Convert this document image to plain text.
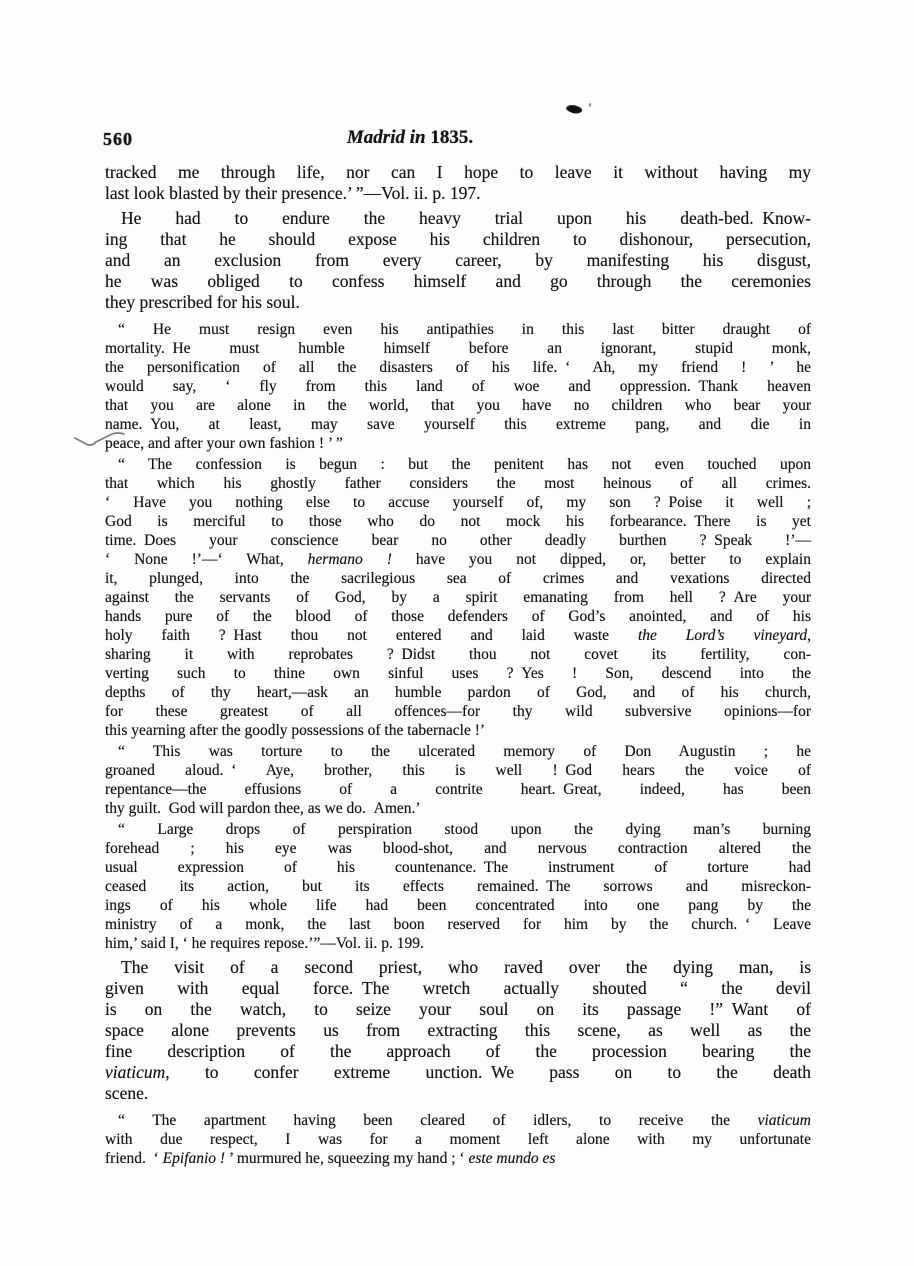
560	Madrid in 1835.
tracked me through life, nor can I hope to leave it without having my
last look blasted by their presence.’ ”—Vol. ii. p. 197.
He had to endure the heavy trial upon his death-bed. Know-
ing that he should expose his children to dishonour, persecution,
and an exclusion from every career, by manifesting his disgust,
he was obliged to confess himself and go through the ceremonies
they prescribed for his soul.
“ He must resign even his antipathies in this last bitter draught of
mortality. He must humble himself before an ignorant, stupid monk,
the personification of all the disasters of his life. ‘ Ah, my friend ! ’ he
would say, ‘ fly from this land of woe and oppression. Thank heaven
that you are alone in the world, that you have no children who bear your
name. You, at least, may save yourself this extreme pang, and die in
peace, and after your own fashion ! ’ ”
“ The confession is begun : but the penitent has not even touched upon
that which his ghostly father considers the most heinous of all crimes.
‘ Have you nothing else to accuse yourself of, my son ? Poise it well ;
God is merciful to those who do not mock his forbearance. There is yet
time. Does your conscience bear no other deadly burthen ? Speak !’—
‘ None !’—‘ What, hermano ! have you not dipped, or, better to explain
it, plunged, into the sacrilegious sea of crimes and vexations directed
against the servants of God, by a spirit emanating from hell ? Are your
hands pure of the blood of those defenders of God’s anointed, and of his
holy faith ? Hast thou not entered and laid waste the Lord’s vineyard,
sharing it with reprobates ? Didst thou not covet its fertility, con-
verting such to thine own sinful uses ? Yes ! Son, descend into the
depths of thy heart,—ask an humble pardon of God, and of his church,
for these greatest of all offences—for thy wild subversive opinions—for
this yearning after the goodly possessions of the tabernacle !’
“ This was torture to the ulcerated memory of Don Augustin ; he
groaned aloud. ‘ Aye, brother, this is well ! God hears the voice of
repentance—the effusions of a contrite heart. Great, indeed, has been
thy guilt. God will pardon thee, as we do. Amen.’
“ Large drops of perspiration stood upon the dying man’s burning
forehead ; his eye was blood-shot, and nervous contraction altered the
usual expression of his countenance. The instrument of torture had
ceased its action, but its effects remained. The sorrows and misreckon-
ings of his whole life had been concentrated into one pang by the
ministry of a monk, the last boon reserved for him by the church. ‘ Leave
him,’ said I, ‘ he requires repose.’”—Vol. ii. p. 199.
The visit of a second priest, who raved over the dying man, is
given with equal force. The wretch actually shouted “ the devil
is on the watch, to seize your soul on its passage !” Want of
space alone prevents us from extracting this scene, as well as the
fine description of the approach of the procession bearing the
viaticum, to confer extreme unction. We pass on to the death
scene.
“ The apartment having been cleared of idlers, to receive the viaticum
with due respect, I was for a moment left alone with my unfortunate
friend. ‘ Epifanio ! ’ murmured he, squeezing my hand ; ‘ este mundo es
